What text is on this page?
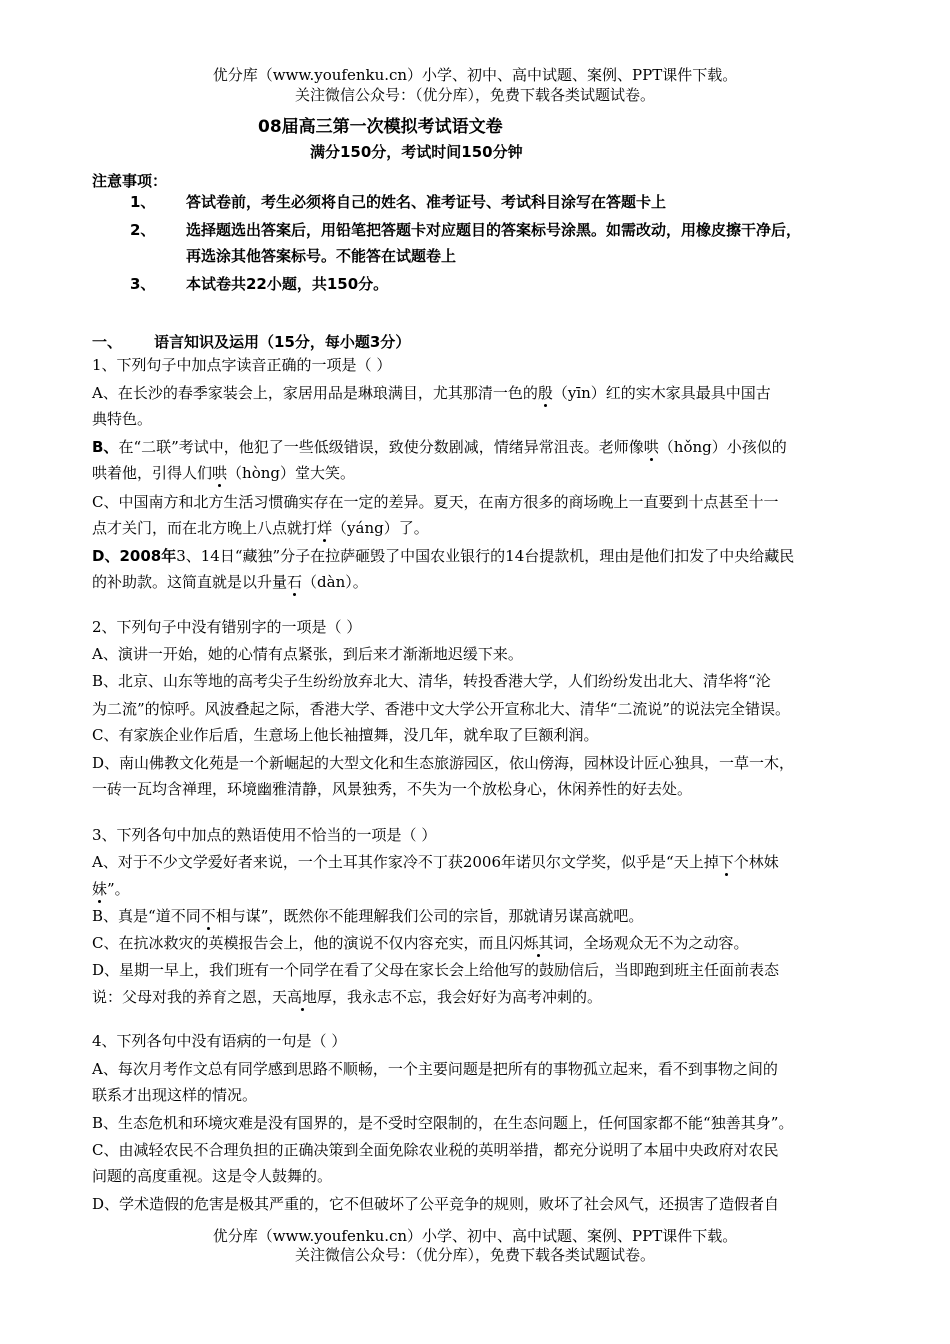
优分库（www.youfenku.cn）小学、初中、高中试题、案例、PPT课件下载。
关注微信公众号：（优分库），免费下载各类试题试卷。
08届高三第一次模拟考试语文卷
满分150分，考试时间150分钟
注意事项：
1、 答试卷前，考生必须将自己的姓名、准考证号、考试科目涂写在答题卡上
2、 选择题选出答案后，用铅笔把答题卡对应题目的答案标号涂黑。如需改动，用橡皮擦干净后，
再选涂其他答案标号。不能答在试题卷上
3、 本试卷共22小题，共150分。
一、 语言知识及运用（15分，每小题3分）
1、下列句子中加点字读音正确的一项是（ ）
A、在长沙的春季家装会上，家居用品是琳琅满目，尤其那清一色的殷（yīn）红的实木家具最具中国古
典特色。
B、在“二联”考试中，他犯了一些低级错误，致使分数剧减，情绪异常沮丧。老师像哄（hǒng）小孩似的
哄着他，引得人们哄（hòng）堂大笑。
C、中国南方和北方生活习惯确实存在一定的差异。夏天，在南方很多的商场晚上一直要到十点甚至十一
点才关门，而在北方晚上八点就打烊（yáng）了。
D、2008年3、14日“藏独”分子在拉萨砸毁了中国农业银行的14台提款机，理由是他们扣发了中央给藏民
的补助款。这简直就是以升量石（dàn）。
2、下列句子中没有错别字的一项是（ ）
A、演讲一开始，她的心情有点紧张，到后来才渐渐地迟缓下来。
B、北京、山东等地的高考尖子生纷纷放弃北大、清华，转投香港大学，人们纷纷发出北大、清华将“沦
为二流”的惊呼。风波叠起之际，香港大学、香港中文大学公开宣称北大、清华“二流说”的说法完全错误。
C、有家族企业作后盾，生意场上他长袖擅舞，没几年，就牟取了巨额利润。
D、南山佛教文化苑是一个新崛起的大型文化和生态旅游园区，依山傍海，园林设计匠心独具，一草一木，
一砖一瓦均含禅理，环境幽雅清静，风景独秀，不失为一个放松身心，休闲养性的好去处。
3、下列各句中加点的熟语使用不恰当的一项是（ ）
A、对于不少文学爱好者来说，一个土耳其作家冷不丁获2006年诺贝尔文学奖，似乎是“天上掉下个林妹
妹”。
B、真是“道不同不相与谋”，既然你不能理解我们公司的宗旨，那就请另谋高就吧。
C、在抗冰救灾的英模报告会上，他的演说不仅内容充实，而且闪烁其词，全场观众无不为之动容。
D、星期一早上，我们班有一个同学在看了父母在家长会上给他写的鼓励信后，当即跑到班主任面前表态
说：父母对我的养育之恩，天高地厚，我永志不忘，我会好好为高考冲刺的。
4、下列各句中没有语病的一句是（ ）
A、每次月考作文总有同学感到思路不顺畅，一个主要问题是把所有的事物孤立起来，看不到事物之间的
联系才出现这样的情况。
B、生态危机和环境灾难是没有国界的，是不受时空限制的，在生态问题上，任何国家都不能“独善其身”。
C、由减轻农民不合理负担的正确决策到全面免除农业税的英明举措，都充分说明了本届中央政府对农民
问题的高度重视。这是令人鼓舞的。
D、学术造假的危害是极其严重的，它不但破坏了公平竞争的规则，败坏了社会风气，还损害了造假者自
优分库（www.youfenku.cn）小学、初中、高中试题、案例、PPT课件下载。
关注微信公众号：（优分库），免费下载各类试题试卷。
